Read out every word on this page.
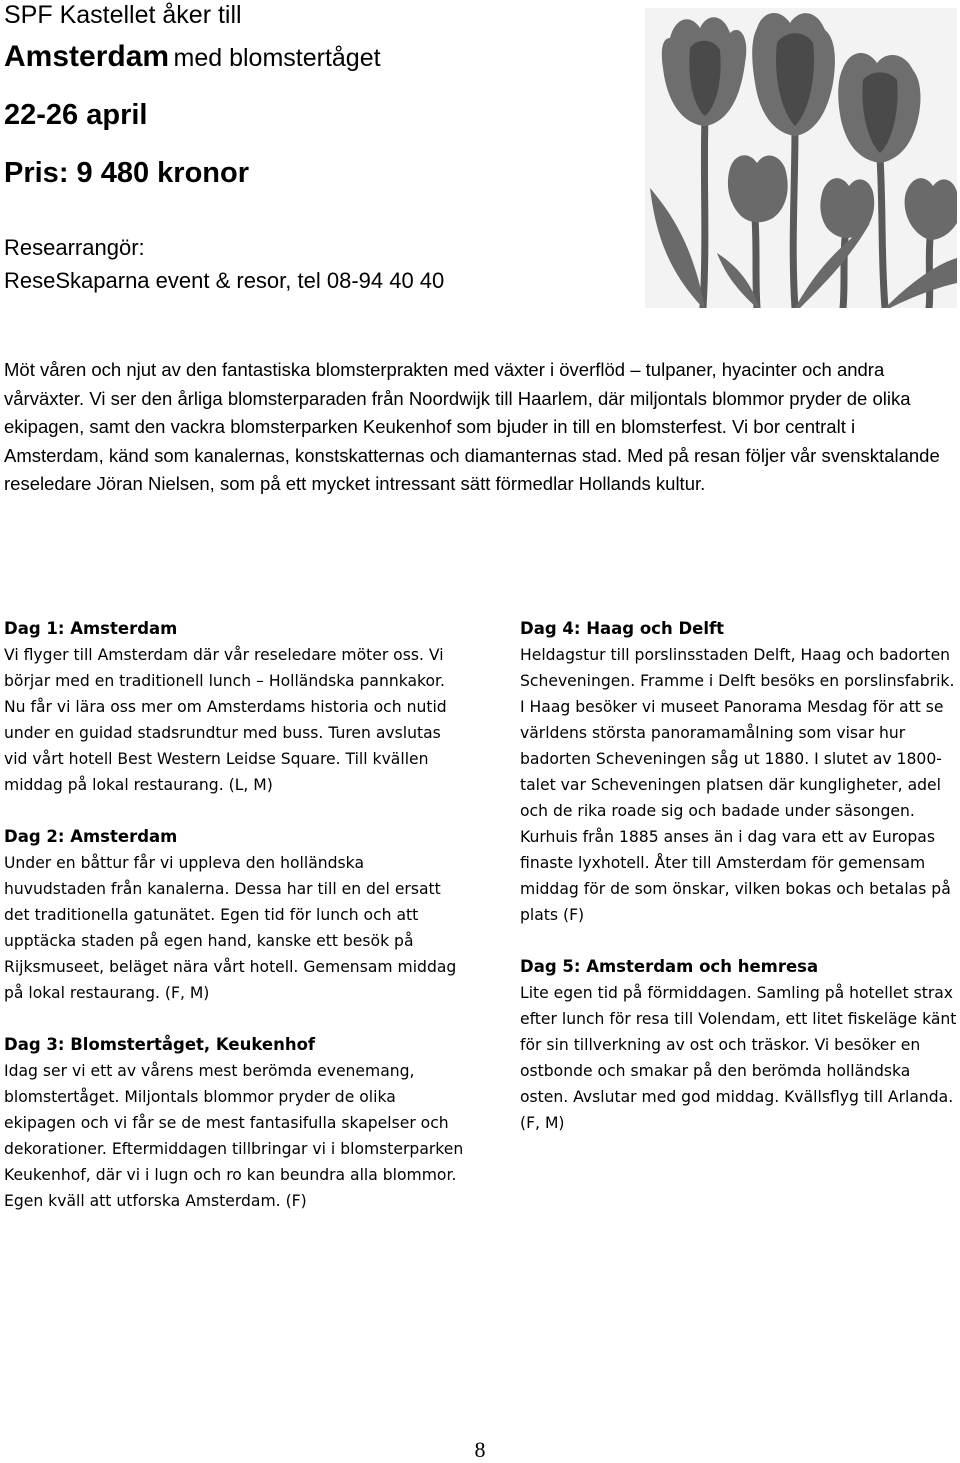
SPF Kastellet åker till
Amsterdam med blomstertåget
22-26 april
Pris: 9 480 kronor
Researrangör:
ReseSkaparna event & resor, tel 08-94 40 40
Möt våren och njut av den fantastiska blomsterprakten med växter i överflöd – tulpaner, hyacinter och andra vårväxter. Vi ser den årliga blomsterparaden från Noordwijk till Haarlem, där miljontals blommor pryder de olika ekipagen, samt den vackra blomsterparken Keukenhof som bjuder in till en blomsterfest. Vi bor centralt i Amsterdam, känd som kanalernas, konstskatternas och diamanternas stad. Med på resan följer vår svensktalande reseledare Jöran Nielsen, som på ett mycket intressant sätt förmedlar Hollands kultur.
Dag 1: Amsterdam
Vi flyger till Amsterdam där vår reseledare möter oss. Vi börjar med en traditionell lunch – Holländska pannkakor. Nu får vi lära oss mer om Amsterdams historia och nutid under en guidad stadsrundtur med buss. Turen avslutas vid vårt hotell Best Western Leidse Square. Till kvällen middag på lokal restaurang. (L, M)
Dag 2: Amsterdam
Under en båttur får vi uppleva den holländska huvudstaden från kanalerna. Dessa har till en del ersatt det traditionella gatunätet. Egen tid för lunch och att upptäcka staden på egen hand, kanske ett besök på Rijksmuseet, beläget nära vårt hotell. Gemensam middag på lokal restaurang. (F, M)
Dag 3: Blomstertåget, Keukenhof
Idag ser vi ett av vårens mest berömda evenemang, blomstertåget. Miljontals blommor pryder de olika ekipagen och vi får se de mest fantasifulla skapelser och dekorationer. Eftermiddagen tillbringar vi i blomsterparken Keukenhof, där vi i lugn och ro kan beundra alla blommor. Egen kväll att utforska Amsterdam. (F)
Dag 4: Haag och Delft
Heldagstur till porslinsstaden Delft, Haag och badorten Scheveningen. Framme i Delft besöks en porslinsfabrik. I Haag besöker vi museet Panorama Mesdag för att se världens största panoramamålning som visar hur badorten Scheveningen såg ut 1880. I slutet av 1800-talet var Scheveningen platsen där kungligheter, adel och de rika roade sig och badade under säsongen. Kurhuis från 1885 anses än i dag vara ett av Europas finaste lyxhotell. Åter till Amsterdam för gemensam middag för de som önskar, vilken bokas och betalas på plats (F)
Dag 5: Amsterdam och hemresa
Lite egen tid på förmiddagen. Samling på hotellet strax efter lunch för resa till Volendam, ett litet fiskeläge känt för sin tillverkning av ost och träskor. Vi besöker en ostbonde och smakar på den berömda holländska osten. Avslutar med god middag. Kvällsflyg till Arlanda. (F, M)
8
